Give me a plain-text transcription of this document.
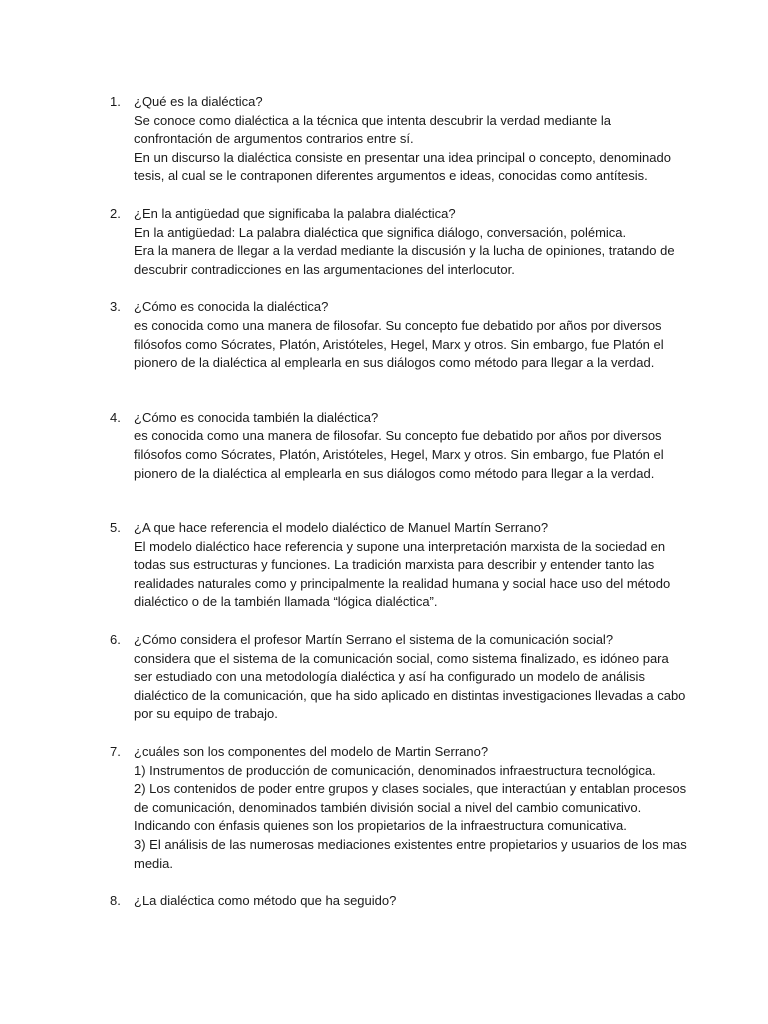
1. ¿Qué es la dialéctica?

Se conoce como dialéctica a la técnica que intenta descubrir la verdad mediante la confrontación de argumentos contrarios entre sí.

En un discurso la dialéctica consiste en presentar una idea principal o concepto, denominado tesis, al cual se le contraponen diferentes argumentos e ideas, conocidas como antítesis.

2. ¿En la antigüedad que significaba la palabra dialéctica?

En la antigüedad: La palabra dialéctica que significa diálogo, conversación, polémica.

Era la manera de llegar a la verdad mediante la discusión y la lucha de opiniones, tratando de descubrir contradicciones en las argumentaciones del interlocutor.

3. ¿Cómo es conocida la dialéctica?

es conocida como una manera de filosofar. Su concepto fue debatido por años por diversos filósofos como Sócrates, Platón, Aristóteles, Hegel, Marx y otros. Sin embargo, fue Platón el pionero de la dialéctica al emplearla en sus diálogos como método para llegar a la verdad.

4. ¿Cómo es conocida también la dialéctica?

es conocida como una manera de filosofar. Su concepto fue debatido por años por diversos filósofos como Sócrates, Platón, Aristóteles, Hegel, Marx y otros. Sin embargo, fue Platón el pionero de la dialéctica al emplearla en sus diálogos como método para llegar a la verdad.

5. ¿A que hace referencia el modelo dialéctico de Manuel Martín Serrano?

El modelo dialéctico hace referencia y supone una interpretación marxista de la sociedad en todas sus estructuras y funciones. La tradición marxista para describir y entender tanto las realidades naturales como y principalmente la realidad humana y social hace uso del método dialéctico o de la también llamada “lógica dialéctica”.

6. ¿Cómo considera el profesor Martín Serrano el sistema de la comunicación social?

considera que el sistema de la comunicación social, como sistema finalizado, es idóneo para ser estudiado con una metodología dialéctica y así ha configurado un modelo de análisis dialéctico de la comunicación, que ha sido aplicado en distintas investigaciones llevadas a cabo por su equipo de trabajo.

7. ¿cuáles son los componentes del modelo de Martin Serrano?

1) Instrumentos de producción de comunicación, denominados infraestructura tecnológica.

2) Los contenidos de poder entre grupos y clases sociales, que interactúan y entablan procesos de comunicación, denominados también división social a nivel del cambio comunicativo. Indicando con énfasis quienes son los propietarios de la infraestructura comunicativa.

3) El análisis de las numerosas mediaciones existentes entre propietarios y usuarios de los mas media.

8. ¿La dialéctica como método que ha seguido?
